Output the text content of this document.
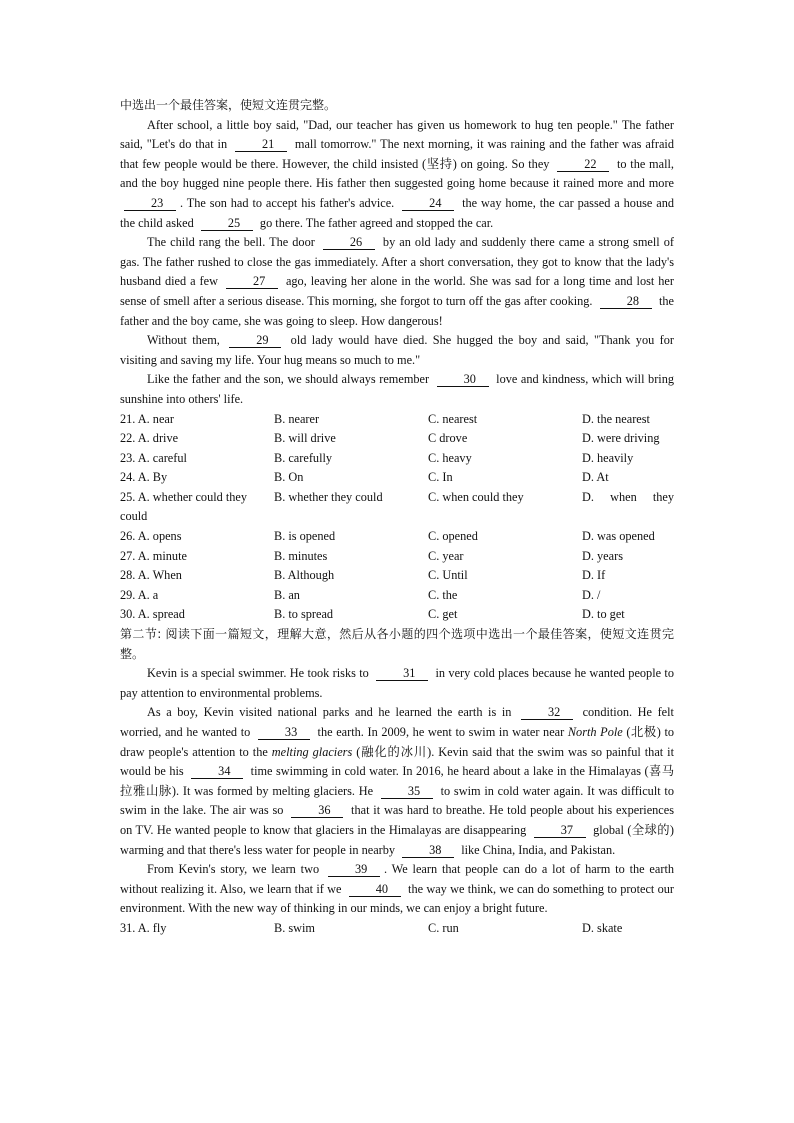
中选出一个最佳答案，使短文连贯完整。

After school, a little boy said, "Dad, our teacher has given us homework to hug ten people." The father said, "Let's do that in	21 mall tomorrow." The next morning, it was raining and the father was afraid that few people would be there. However, the child insisted (坚持) on going. So they	22 to the mall, and the boy hugged nine people there. His father then suggested going home because it rained more and more 23 . The son had to accept his father's advice.	24 the way home, the car passed a house and the child asked	25 go there. The father agreed and stopped the car.

The child rang the bell. The door	26 by an old lady and suddenly there came a strong smell of gas. The father rushed to close the gas immediately. After a short conversation, they got to know that the lady's husband died a few	27 ago, leaving her alone in the world. She was sad for a long time and lost her sense of smell after a serious disease. This morning, she forgot to turn off the gas after cooking.	28 the father and the boy came, she was going to sleep. How dangerous!

Without them,	29 old lady would have died. She hugged the boy and said, "Thank you for visiting and saving my life. Your hug means so much to me."

Like the father and the son, we should always remember	30 love and kindness, which will bring sunshine into others' life.

21. A. near	B. nearer	C. nearest	D. the nearest
22. A. drive	B. will drive	C drove	D. were driving
23. A. careful	B. carefully	C. heavy	D. heavily
24. A. By	B. On	C. In	D. At
25. A. whether could they	B. whether they could	C. when could they	D. when they
could
26. A. opens	B. is opened	C. opened	D. was opened
27. A. minute	B. minutes	C. year	D. years
28. A. When	B. Although	C. Until	D. If
29. A. a	B. an	C. the	D. /
30. A. spread	B. to spread	C. get	D. to get

第二节: 阅读下面一篇短文，理解大意，然后从各小题的四个选项中选出一个最佳答案，使短文连贯完整。

Kevin is a special swimmer. He took risks to	31 in very cold places because he wanted people to pay attention to environmental problems.

As a boy, Kevin visited national parks and he learned the earth is in	32 condition. He felt worried, and he wanted to	33 the earth. In 2009, he went to swim in water near North Pole (北极) to draw people's attention to the melting glaciers (融化的冰川). Kevin said that the swim was so painful that it would be his	34 time swimming in cold water. In 2016, he heard about a lake in the Himalayas (喜马拉雅山脉). It was formed by melting glaciers. He	35 to swim in cold water again. It was difficult to swim in the lake. The air was so	36 that it was hard to breathe. He told people about his experiences on TV. He wanted people to know that glaciers in the Himalayas are disappearing	37 global (全球的) warming and that there's less water for people in nearby	38 like China, India, and Pakistan.

From Kevin's story, we learn two	39 . We learn that people can do a lot of harm to the earth without realizing it. Also, we learn that if we	40 the way we think, we can do something to protect our environment. With the new way of thinking in our minds, we can enjoy a bright future.

31. A. fly	B. swim	C. run	D. skate
